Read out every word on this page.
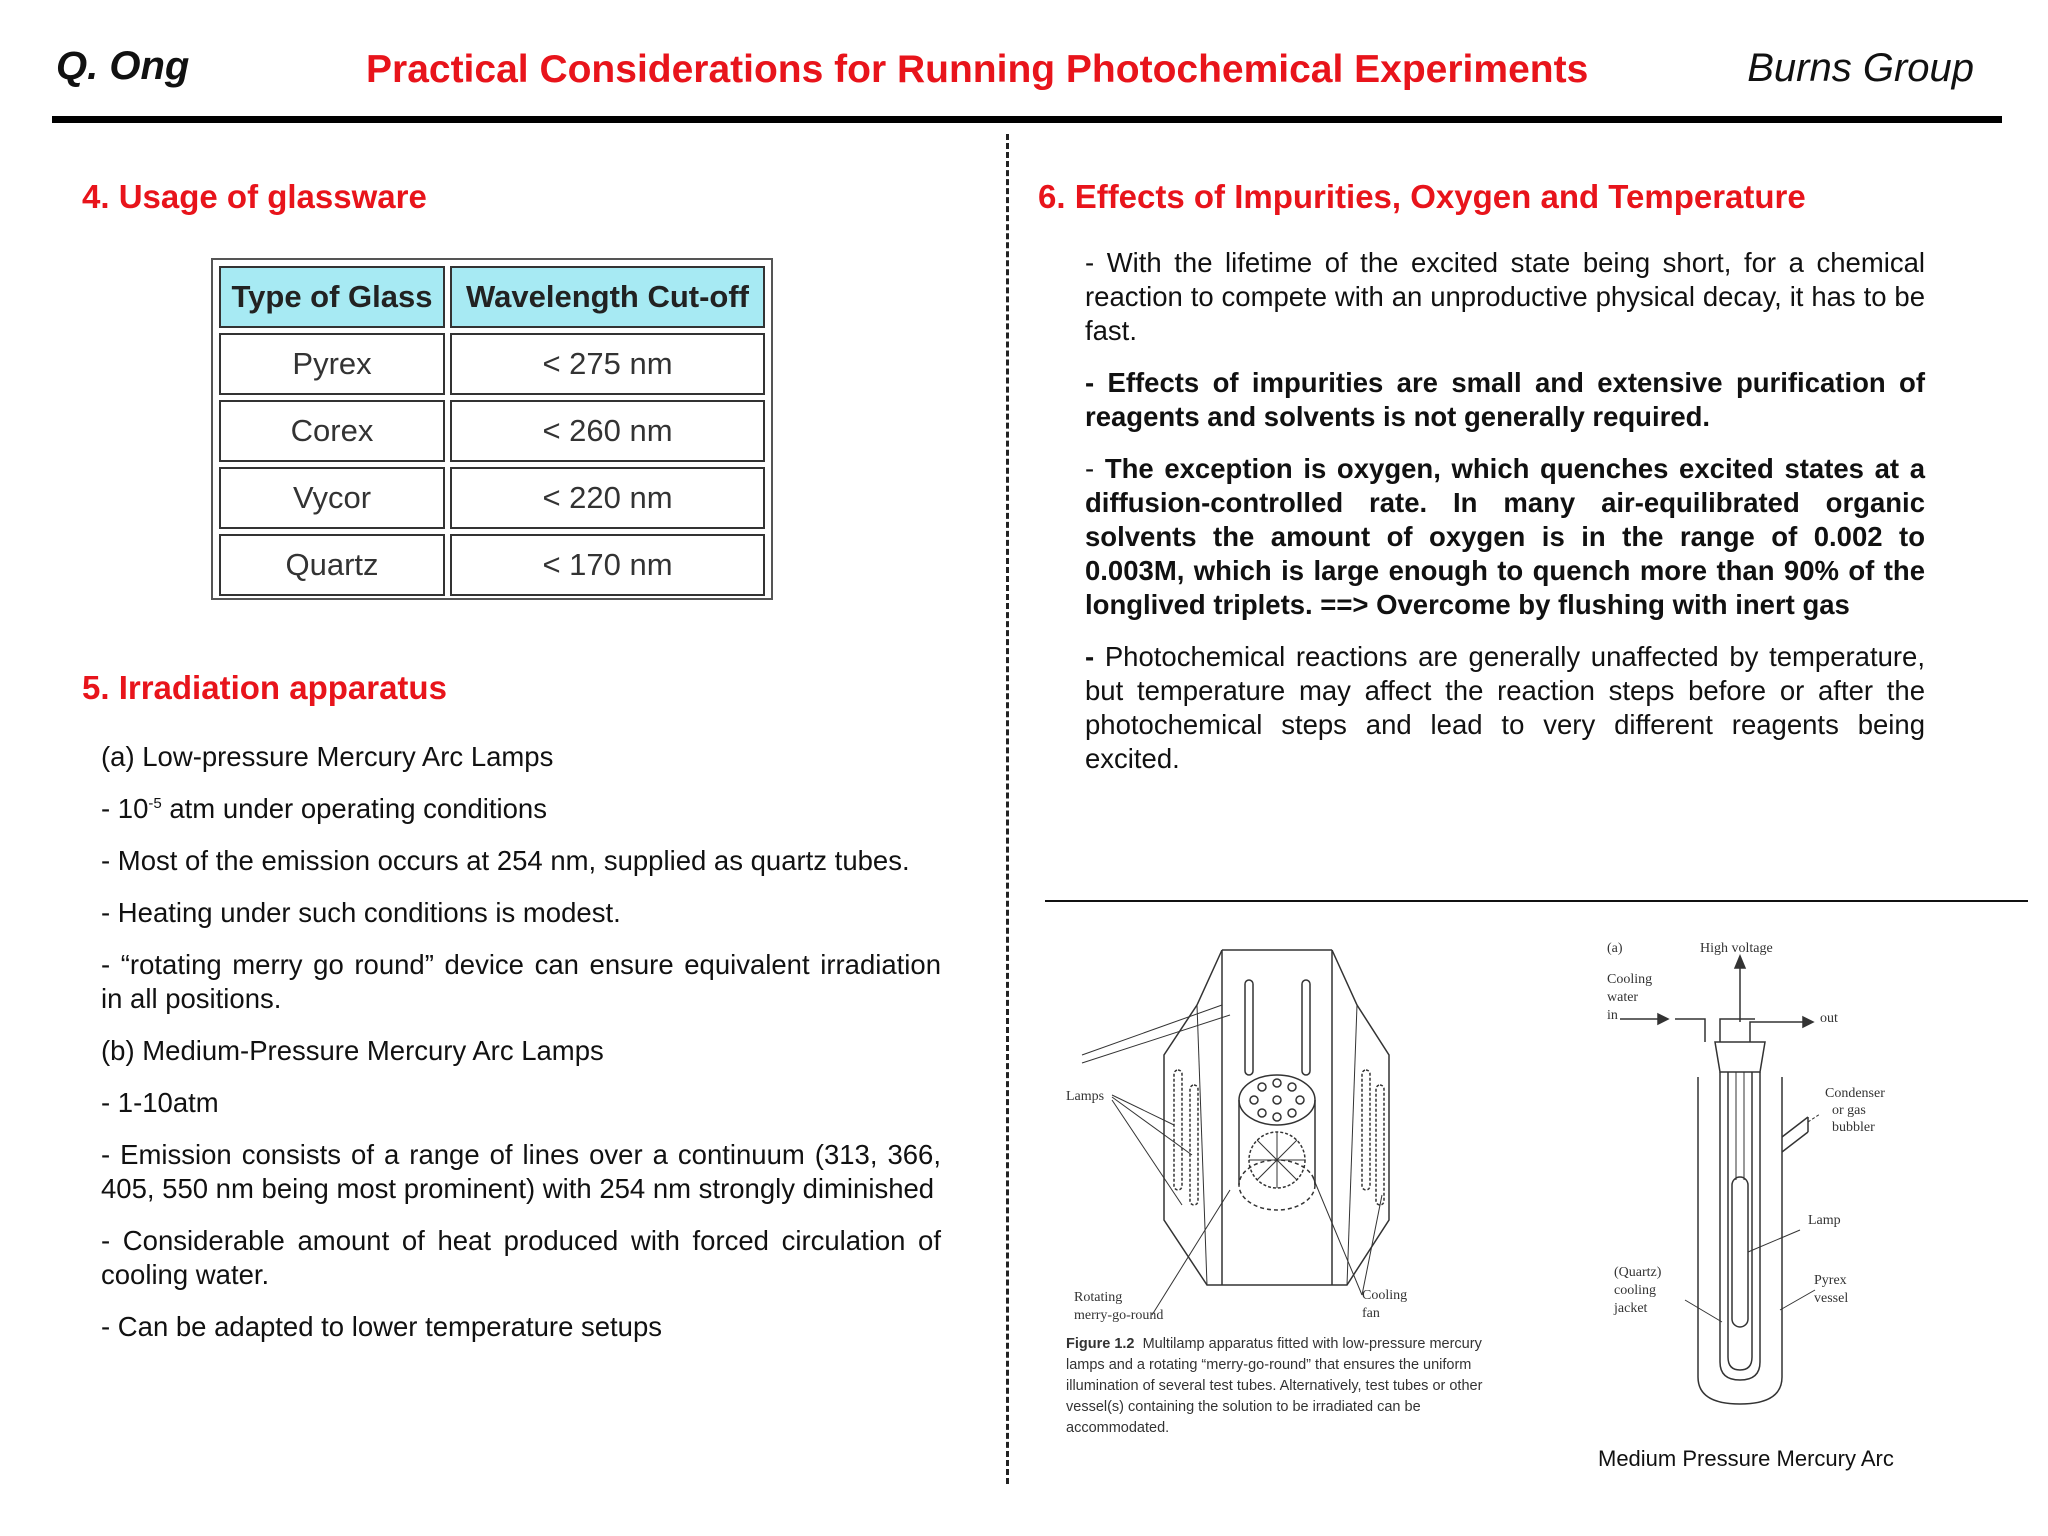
Q. Ong	Practical Considerations for Running Photochemical Experiments	Burns Group
4. Usage of glassware
Type of Glass	Wavelength Cut-off
Pyrex	< 275 nm
Corex	< 260 nm
Vycor	< 220 nm
Quartz	< 170 nm
5. Irradiation apparatus

(a) Low-pressure Mercury Arc Lamps

- $10^{-5}$ atm under operating conditions

- Most of the emission occurs at 254 nm, supplied as quartz tubes.

- Heating under such conditions is modest.

- “rotating merry go round” device can ensure equivalent irradiation in all positions.

(b) Medium-Pressure Mercury Arc Lamps

- 1-10atm

- Emission consists of a range of lines over a continuum (313, 366, 405, 550 nm being most prominent) with 254 nm strongly diminished

- Considerable amount of heat produced with forced circulation of cooling water.

- Can be adapted to lower temperature setups

6. Effects of Impurities, Oxygen and Temperature

- With the lifetime of the excited state being short, for a chemical reaction to compete with an unproductive physical decay, it has to be fast.

- Effects of impurities are small and extensive purification of reagents and solvents is not generally required.

- The exception is oxygen, which quenches excited states at a diffusion-controlled rate. In many air-equilibrated organic solvents the amount of oxygen is in the range of 0.002 to 0.003M, which is large enough to quench more than 90% of the longlived triplets. ==> Overcome by flushing with inert gas

- Photochemical reactions are generally unaffected by temperature, but temperature may affect the reaction steps before or after the photochemical steps and lead to very different reagents being excited.

Lamps
Rotating
merry-go-round
Cooling
fan
Figure 1.2 Multilamp apparatus fitted with low-pressure mercury lamps and a rotating “merry-go-round” that ensures the uniform illumination of several test tubes. Alternatively, test tubes or other vessel(s) containing the solution to be irradiated can be accommodated.
(a)	High voltage
Cooling
water
in	out
Condenser
or gas
bubbler
Lamp
(Quartz)
cooling
jacket
Pyrex
vessel
Medium Pressure Mercury Arc
